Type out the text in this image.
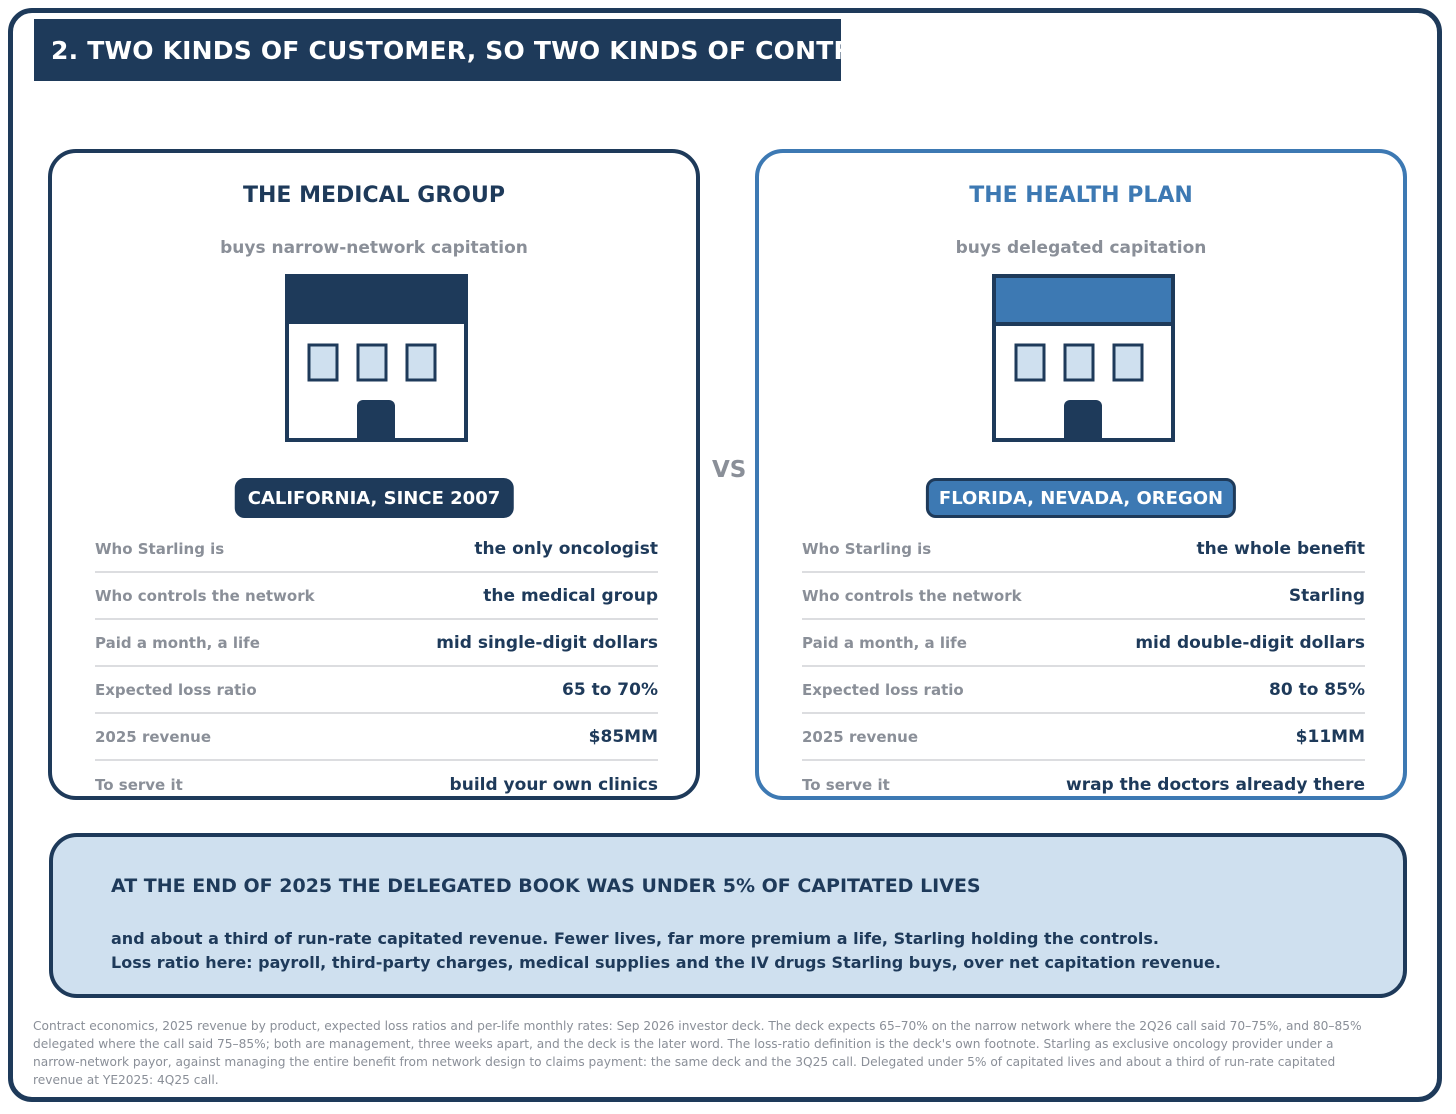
2. TWO KINDS OF CUSTOMER, SO TWO KINDS OF CONTRACT
THE MEDICAL GROUP
buys narrow-network capitation
CALIFORNIA, SINCE 2007
Who Starling is	the only oncologist
Who controls the network	the medical group
Paid a month, a life	mid single-digit dollars
Expected loss ratio	65 to 70%
2025 revenue	$85MM
To serve it	build your own clinics
VS
THE HEALTH PLAN
buys delegated capitation
FLORIDA, NEVADA, OREGON
Who Starling is	the whole benefit
Who controls the network	Starling
Paid a month, a life	mid double-digit dollars
Expected loss ratio	80 to 85%
2025 revenue	$11MM
To serve it	wrap the doctors already there
AT THE END OF 2025 THE DELEGATED BOOK WAS UNDER 5% OF CAPITATED LIVES
and about a third of run-rate capitated revenue. Fewer lives, far more premium a life, Starling holding the controls.
Loss ratio here: payroll, third-party charges, medical supplies and the IV drugs Starling buys, over net capitation revenue.
Contract economics, 2025 revenue by product, expected loss ratios and per-life monthly rates: Sep 2026 investor deck. The deck expects 65–70% on the narrow network where the 2Q26 call said 70–75%, and 80–85% delegated where the call said 75–85%; both are management, three weeks apart, and the deck is the later word. The loss-ratio definition is the deck's own footnote. Starling as exclusive oncology provider under a narrow-network payor, against managing the entire benefit from network design to claims payment: the same deck and the 3Q25 call. Delegated under 5% of capitated lives and about a third of run-rate capitated revenue at YE2025: 4Q25 call.
